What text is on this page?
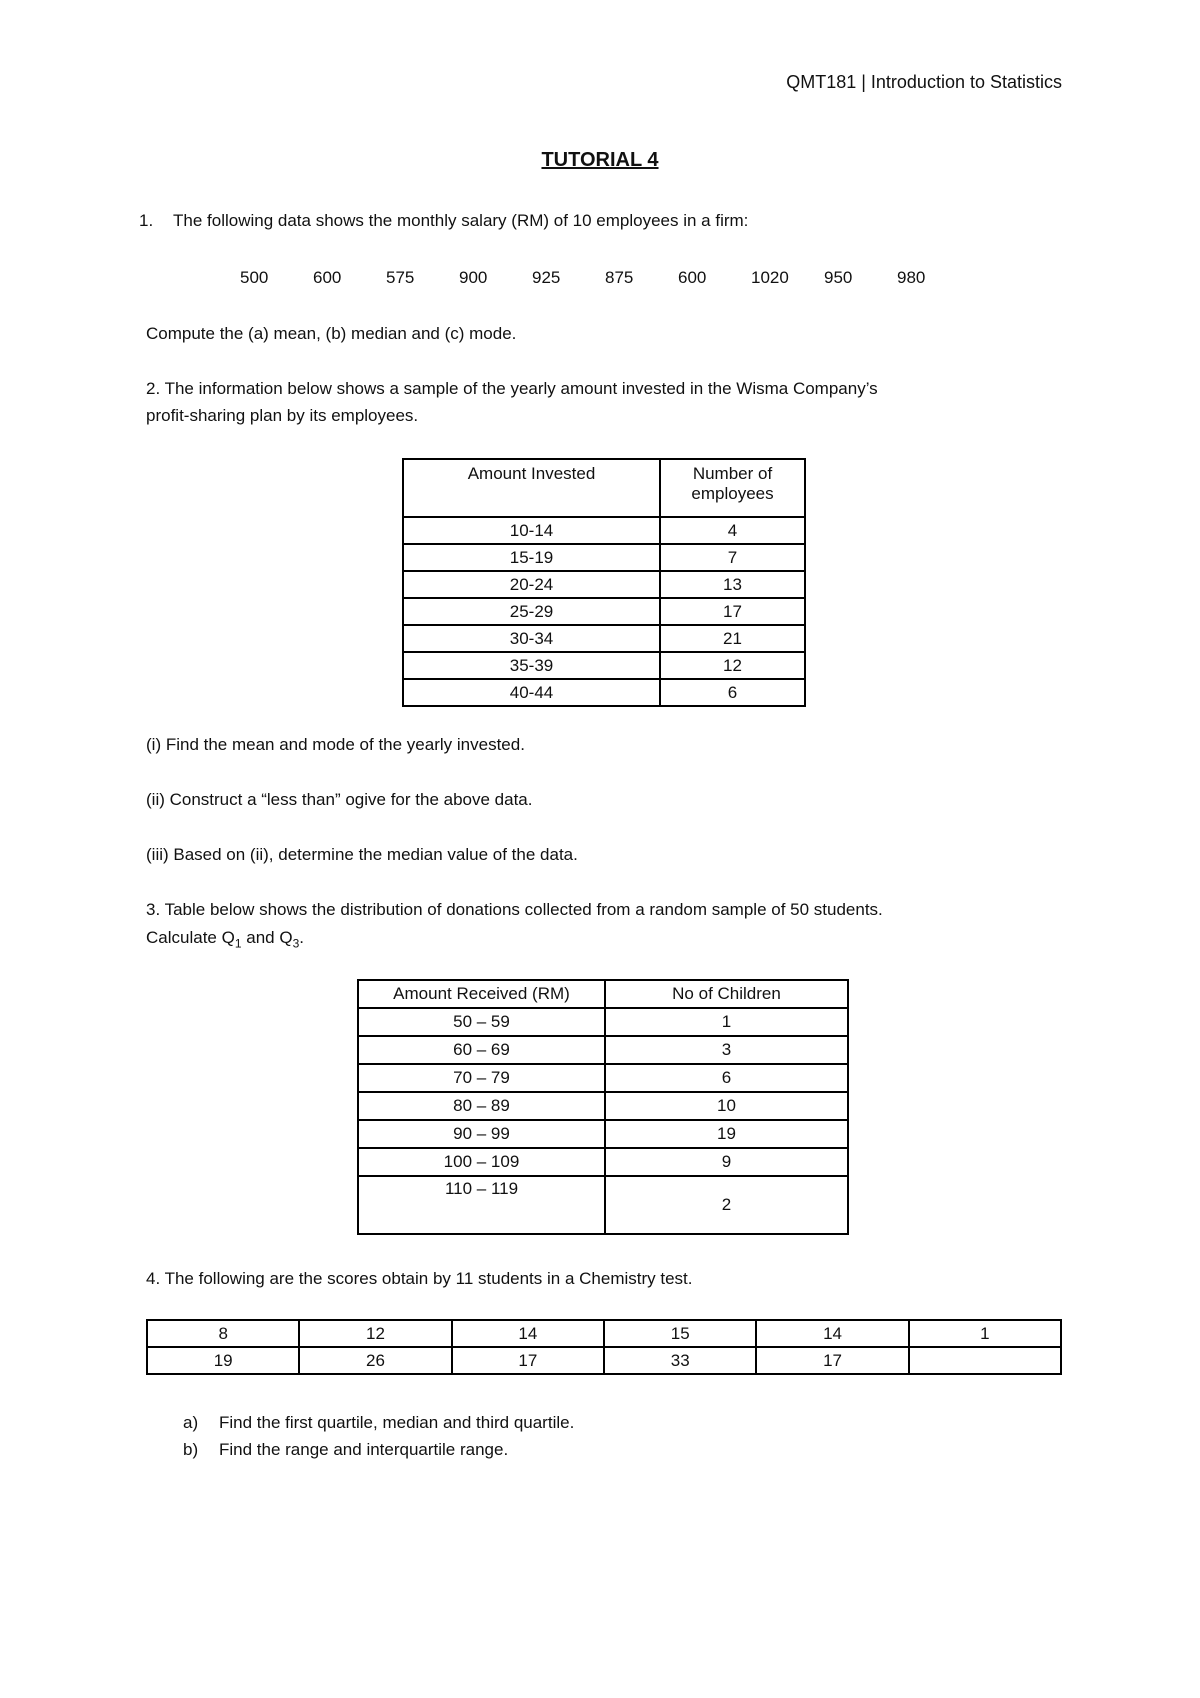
QMT181 | Introduction to Statistics
TUTORIAL 4
1. The following data shows the monthly salary (RM) of 10 employees in a firm:
500	600	575	900	925	875	600	1020 950	980
Compute the (a) mean, (b) median and (c) mode.
2. The information below shows a sample of the yearly amount invested in the Wisma Company’s
profit-sharing plan by its employees.
Amount Invested	Number of employees
10-14	4
15-19	7
20-24	13
25-29	17
30-34	21
35-39	12
40-44	6
(i) Find the mean and mode of the yearly invested.
(ii) Construct a “less than” ogive for the above data.
(iii) Based on (ii), determine the median value of the data.
3. Table below shows the distribution of donations collected from a random sample of 50 students.
Calculate $Q_1$ and $Q_3$.
Amount Received (RM)	No of Children
50 – 59	1
60 – 69	3
70 – 79	6
80 – 89	10
90 – 99	19
100 – 109	9
110 – 119	2
4. The following are the scores obtain by 11 students in a Chemistry test.
8	12	14	15	14	1
19	26	17	33	17	
a) Find the first quartile, median and third quartile.
b) Find the range and interquartile range.
